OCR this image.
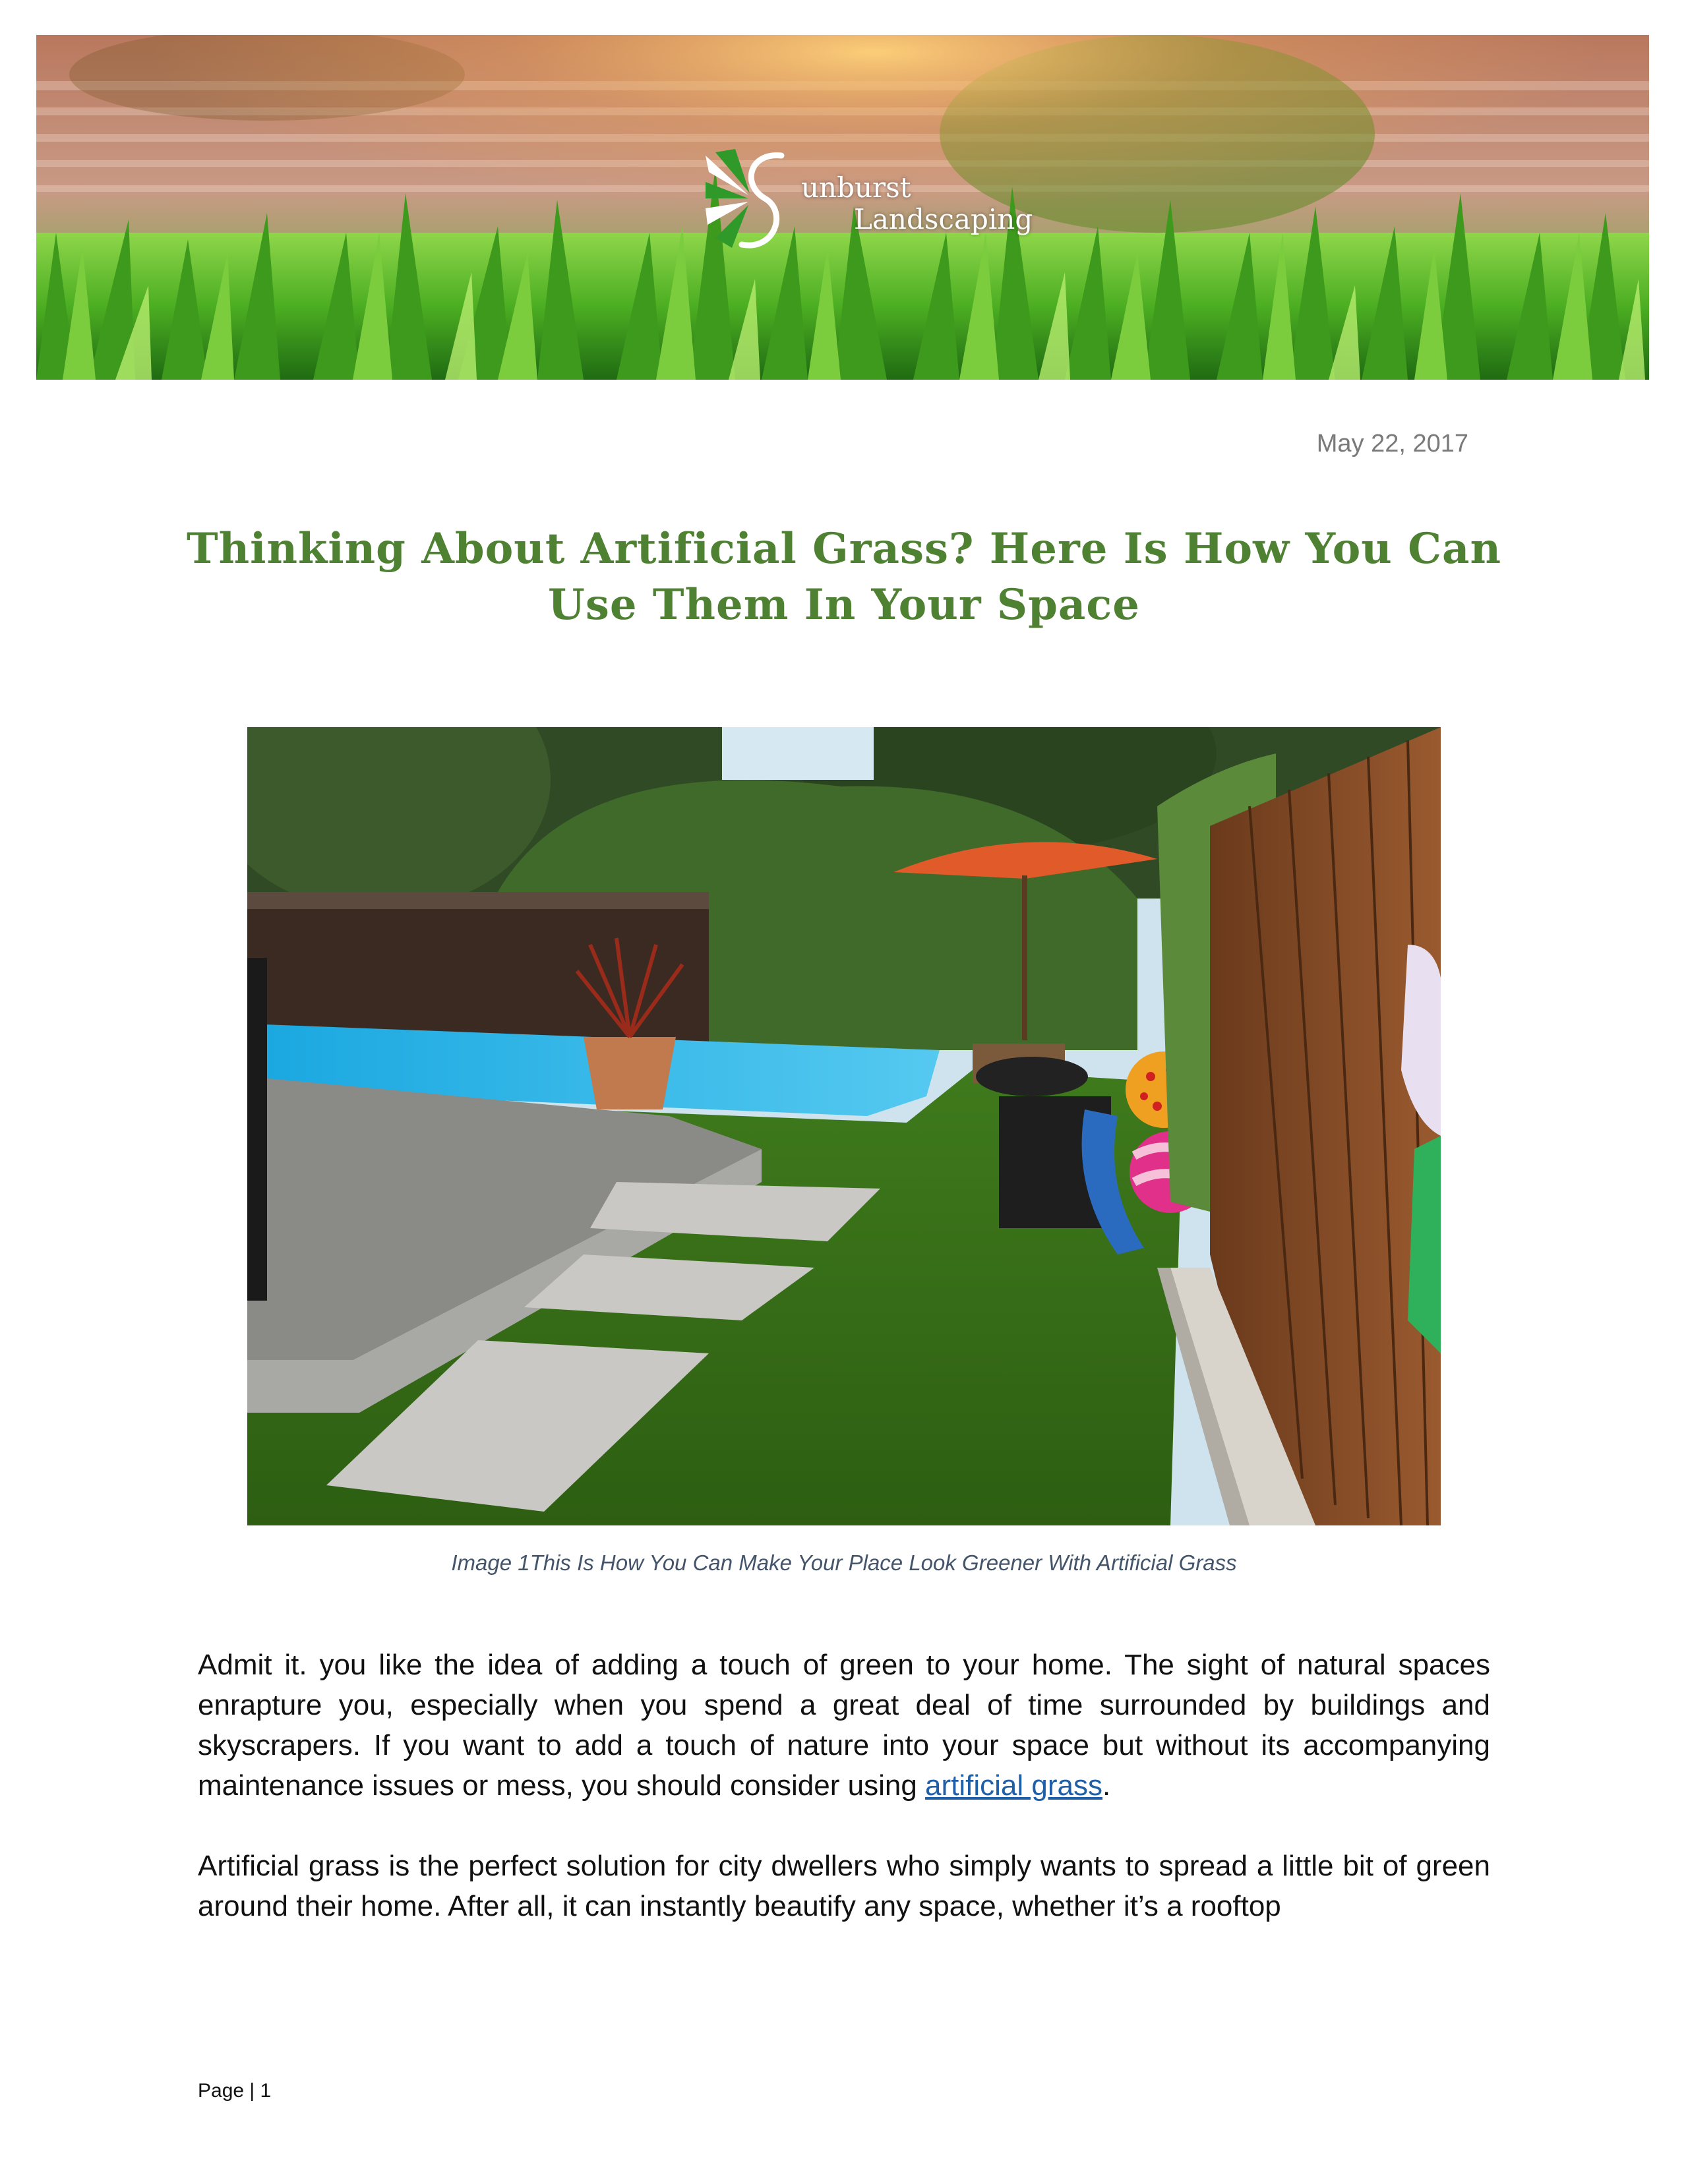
unburst
Landscaping
May 22, 2017
Thinking About Artificial Grass? Here Is How You Can Use Them In Your Space
Image 1This Is How You Can Make Your Place Look Greener With Artificial Grass

Admit it. you like the idea of adding a touch of green to your home. The sight of natural spaces enrapture you, especially when you spend a great deal of time surrounded by buildings and skyscrapers. If you want to add a touch of nature into your space but without its accompanying maintenance issues or mess, you should consider using artificial grass.

Artificial grass is the perfect solution for city dwellers who simply wants to spread a little bit of green around their home. After all, it can instantly beautify any space, whether it’s a rooftop

Page | 1
